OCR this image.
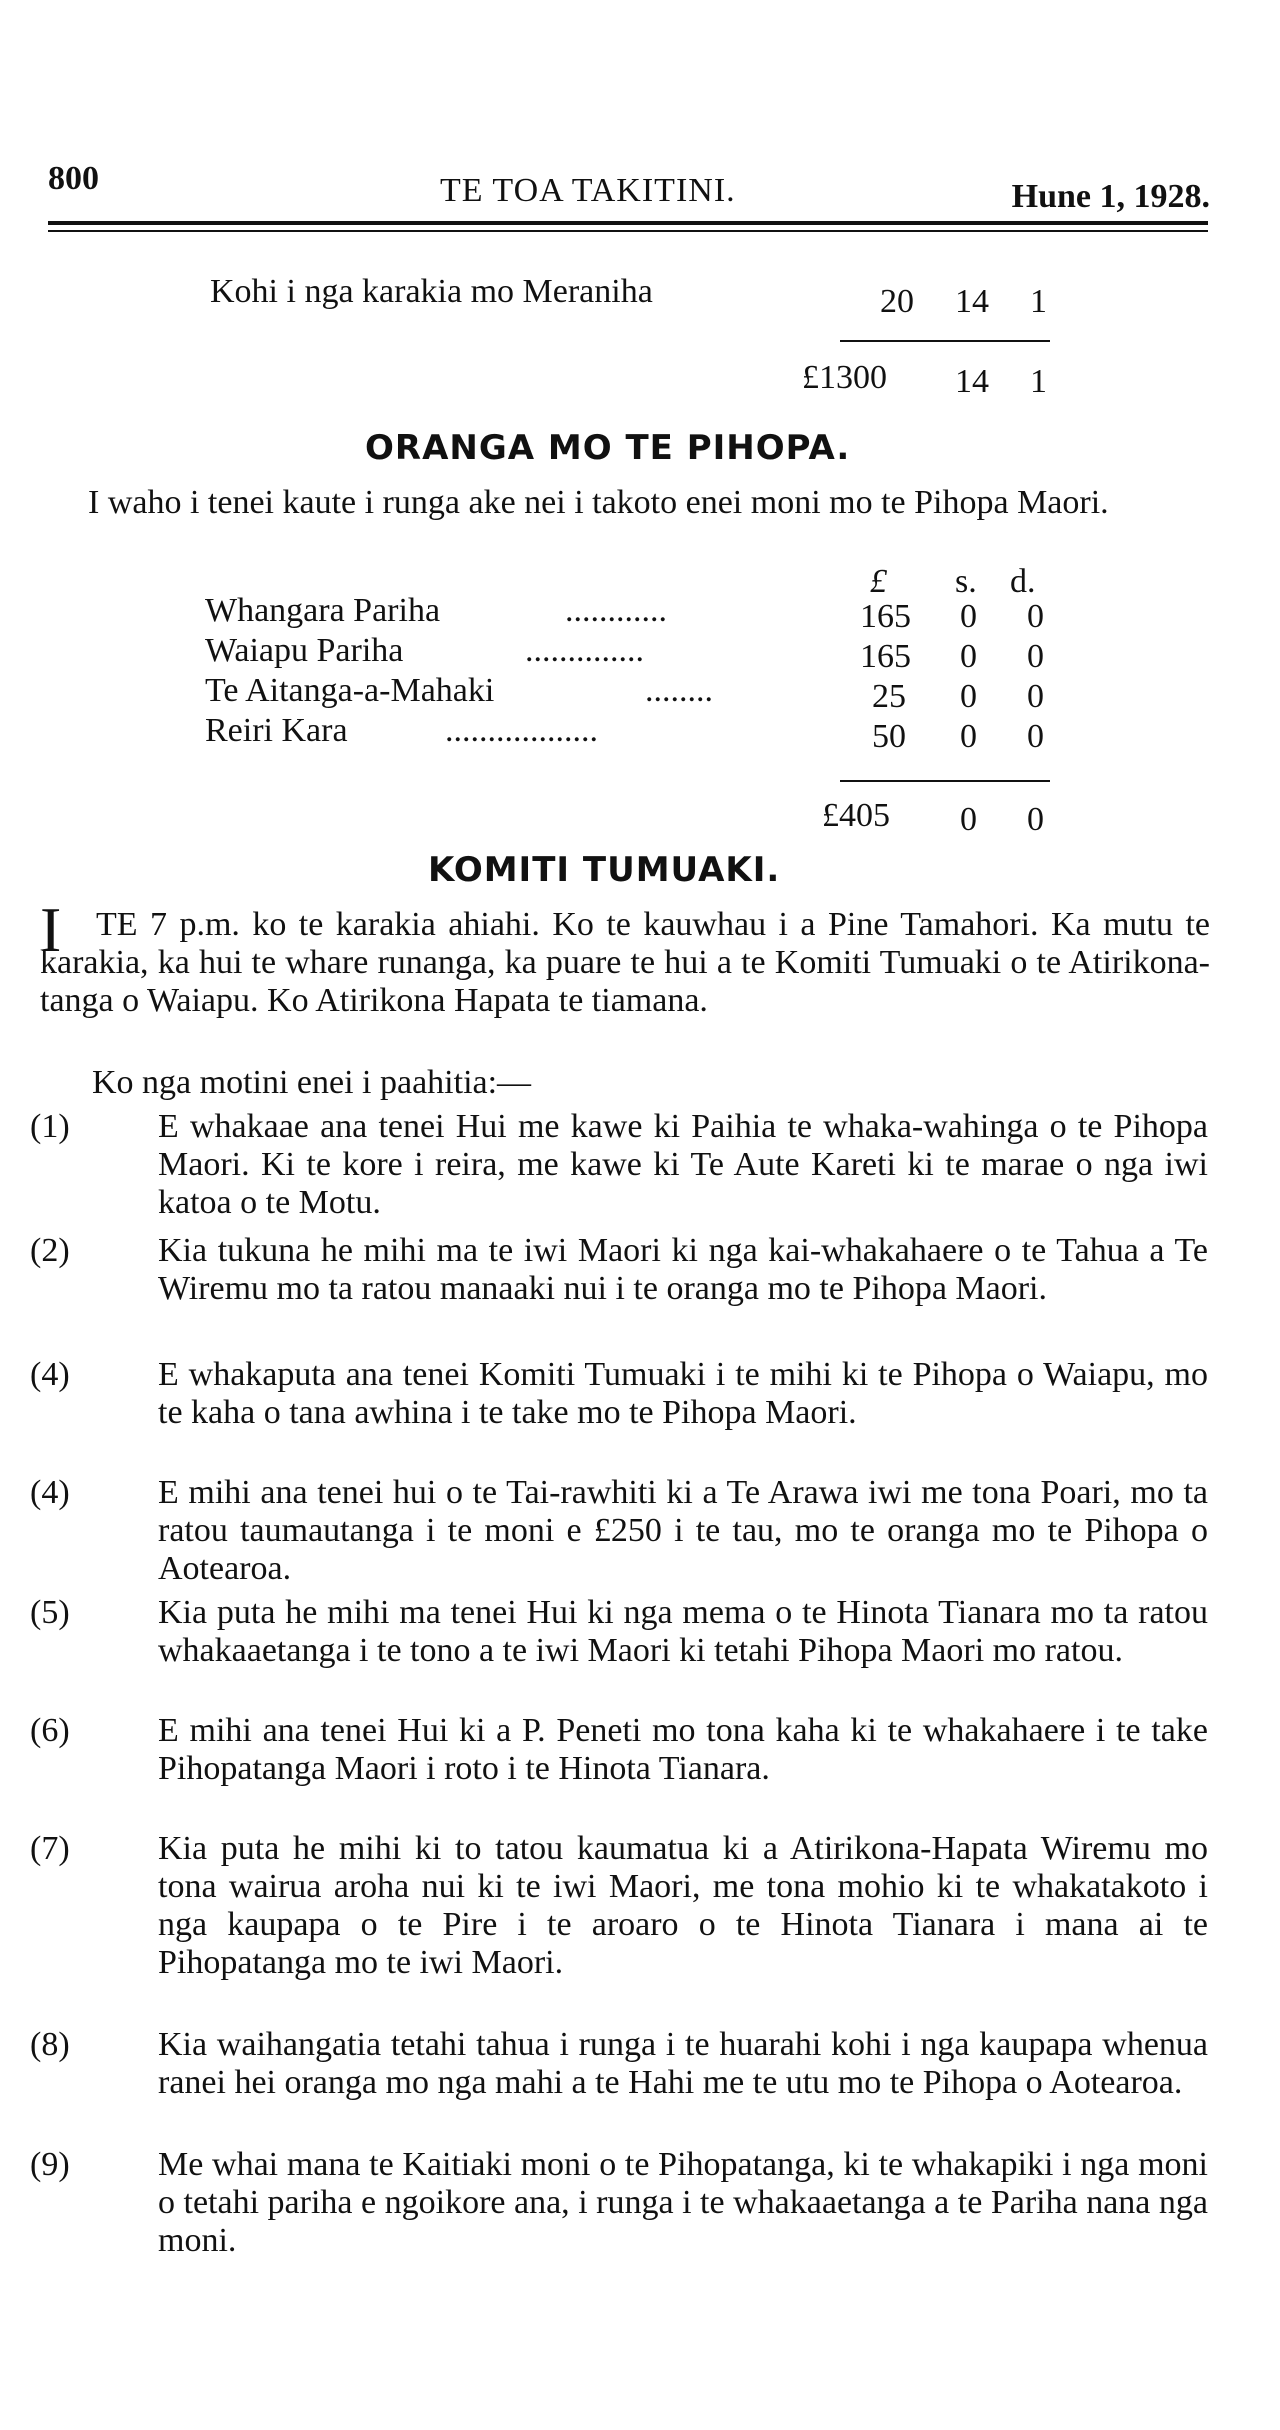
800	TE TOA TAKITINI.	Hune 1, 1928.
Kohi i nga karakia mo Meraniha	20 14 1
£1300 14 1
ORANGA MO TE PIHOPA.
I waho i tenei kaute i runga ake nei i takoto enei moni mo te Pihopa Maori.
£ s. d.
Whangara Pariha	............	165 0 0
Waiapu Pariha	..............	165 0 0
Te Aitanga-a-Mahaki	........	25 0 0
Reiri Kara	..................	50 0 0
£405 0 0
KOMITI TUMUAKI.
I	TE 7 p.m. ko te karakia ahiahi. Ko te kauwhau i a Pine Tamahori. Ka mutu te karakia, ka hui te whare runanga, ka puare te hui a te Komiti Tumuaki o te Atirikona-tanga o Waiapu. Ko Atirikona Hapata te tiamana.
Ko nga motini enei i paahitia:—
(1)	E whakaae ana tenei Hui me kawe ki Paihia te whaka-wahinga o te Pihopa Maori. Ki te kore i reira, me kawe ki Te Aute Kareti ki te marae o nga iwi katoa o te Motu.
(2)	Kia tukuna he mihi ma te iwi Maori ki nga kai-whakahaere o te Tahua a Te Wiremu mo ta ratou manaaki nui i te oranga mo te Pihopa Maori.
(4)	E whakaputa ana tenei Komiti Tumuaki i te mihi ki te Pihopa o Waiapu, mo te kaha o tana awhina i te take mo te Pihopa Maori.
(4)	E mihi ana tenei hui o te Tai-rawhiti ki a Te Arawa iwi me tona Poari, mo ta ratou taumautanga i te moni e £250 i te tau, mo te oranga mo te Pihopa o Aotearoa.
(5)	Kia puta he mihi ma tenei Hui ki nga mema o te Hinota Tianara mo ta ratou whakaaetanga i te tono a te iwi Maori ki tetahi Pihopa Maori mo ratou.
(6)	E mihi ana tenei Hui ki a P. Peneti mo tona kaha ki te whakahaere i te take Pihopatanga Maori i roto i te Hinota Tianara.
(7)	Kia puta he mihi ki to tatou kaumatua ki a Atirikona-Hapata Wiremu mo tona wairua aroha nui ki te iwi Maori, me tona mohio ki te whakatakoto i nga kaupapa o te Pire i te aroaro o te Hinota Tianara i mana ai te Pihopatanga mo te iwi Maori.
(8)	Kia waihangatia tetahi tahua i runga i te huarahi kohi i nga kaupapa whenua ranei hei oranga mo nga mahi a te Hahi me te utu mo te Pihopa o Aotearoa.
(9)	Me whai mana te Kaitiaki moni o te Pihopatanga, ki te whakapiki i nga moni o tetahi pariha e ngoikore ana, i runga i te whakaaetanga a te Pariha nana nga moni.
